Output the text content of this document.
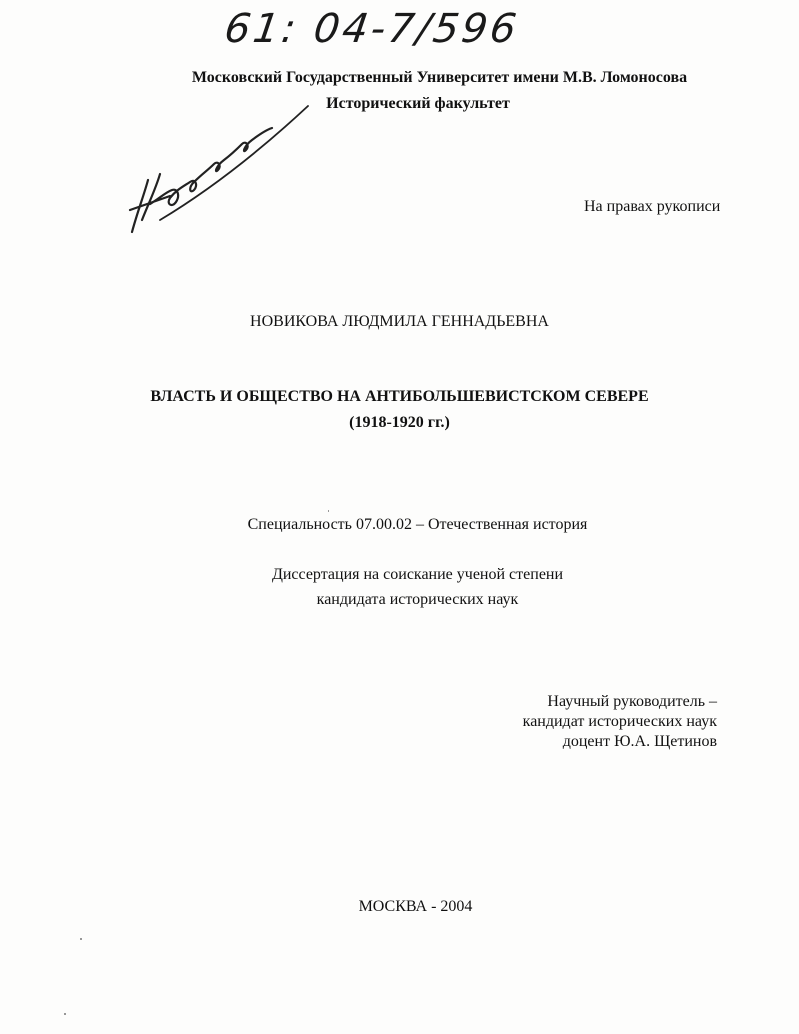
61: 04-7/596
Московский Государственный Университет имени М.В. Ломоносова
Исторический факультет
На правах рукописи
НОВИКОВА ЛЮДМИЛА ГЕННАДЬЕВНА
ВЛАСТЬ И ОБЩЕСТВО НА АНТИБОЛЬШЕВИСТСКОМ СЕВЕРЕ
(1918-1920 гг.)
Специальность 07.00.02 – Отечественная история
Диссертация на соискание ученой степени
кандидата исторических наук
Научный руководитель –
кандидат исторических наук
доцент Ю.А. Щетинов
МОСКВА - 2004
